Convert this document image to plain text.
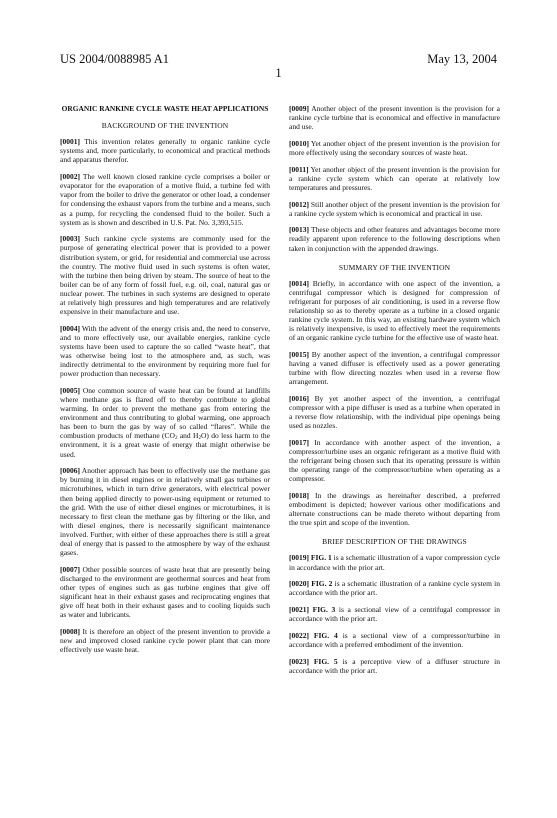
US 2004/0088985 A1	May 13, 2004
1
ORGANIC RANKINE CYCLE WASTE HEAT APPLICATIONS
BACKGROUND OF THE INVENTION

[0001] This invention relates generally to organic rankine cycle systems and, more particularly, to economical and practical methods and apparatus therefor.

[0002] The well known closed rankine cycle comprises a boiler or evaporator for the evaporation of a motive fluid, a turbine fed with vapor from the boiler to drive the generator or other load, a condenser for condensing the exhaust vapors from the turbine and a means, such as a pump, for recycling the condensed fluid to the boiler. Such a system as is shown and described in U.S. Pat. No. 3,393,515.

[0003] Such rankine cycle systems are commonly used for the purpose of generating electrical power that is provided to a power distribution system, or grid, for residential and commercial use across the country. The motive fluid used in such systems is often water, with the turbine then being driven by steam. The source of heat to the boiler can be of any form of fossil fuel, e.g. oil, coal, natural gas or nuclear power. The turbines in such systems are designed to operate at relatively high pressures and high temperatures and are relatively expensive in their manufacture and use.

[0004] With the advent of the energy crisis and, the need to conserve, and to more effectively use, our available energies, rankine cycle systems have been used to capture the so called “waste heat”, that was otherwise being lost to the atmosphere and, as such, was indirectly detrimental to the environment by requiring more fuel for power production than necessary.

[0005] One common source of waste heat can be found at landfills where methane gas is flared off to thereby contribute to global warming. In order to prevent the methane gas from entering the environment and thus contributing to global warming, one approach has been to burn the gas by way of so called “flares”. While the combustion products of methane ($CO_2$ and $H_2O$) do less harm to the environment, it is a great waste of energy that might otherwise be used.

[0006] Another approach has been to effectively use the methane gas by burning it in diesel engines or in relatively small gas turbines or microturbines, which in turn drive generators, with electrical power then being applied directly to power-using equipment or returned to the grid. With the use of either diesel engines or microturbines, it is necessary to first clean the methane gas by filtering or the like, and with diesel engines, there is necessarily significant maintenance involved. Further, with either of these approaches there is still a great deal of energy that is passed to the atmosphere by way of the exhaust gases.

[0007] Other possible sources of waste heat that are presently being discharged to the environment are geothermal sources and heat from other types of engines such as gas turbine engines that give off significant heat in their exhaust gases and reciprocating engines that give off heat both in their exhaust gases and to cooling liquids such as water and lubricants.

[0008] It is therefore an object of the present invention to provide a new and improved closed rankine cycle power plant that can more effectively use waste heat.

[0009] Another object of the present invention is the provision for a rankine cycle turbine that is economical and effective in manufacture and use.

[0010] Yet another object of the present invention is the provision for more effectively using the secondary sources of waste heat.

[0011] Yet another object of the present invention is the provision for a rankine cycle system which can operate at relatively low temperatures and pressures.

[0012] Still another object of the present invention is the provision for a rankine cycle system which is economical and practical in use.

[0013] These objects and other features and advantages become more readily apparent upon reference to the following descriptions when taken in conjunction with the appended drawings.

SUMMARY OF THE INVENTION

[0014] Briefly, in accordance with one aspect of the invention, a centrifugal compressor which is designed for compression of refrigerant for purposes of air conditioning, is used in a reverse flow relationship so as to thereby operate as a turbine in a closed organic rankine cycle system. In this way, an existing hardware system which is relatively inexpensive, is used to effectively meet the requirements of an organic rankine cycle turbine for the effective use of waste heat.

[0015] By another aspect of the invention, a centrifugal compressor having a vaned diffuser is effectively used as a power generating turbine with flow directing nozzles when used in a reverse flow arrangement.

[0016] By yet another aspect of the invention, a centrifugal compressor with a pipe diffuser is used as a turbine when operated in a reverse flow relationship, with the individual pipe openings being used as nozzles.

[0017] In accordance with another aspect of the invention, a compressor/turbine uses an organic refrigerant as a motive fluid with the refrigerant being chosen such that its operating pressure is within the operating range of the compressor/turbine when operating as a compressor.

[0018] In the drawings as hereinafter described, a preferred embodiment is depicted; however various other modifications and alternate constructions can be made thereto without departing from the true spirt and scope of the invention.

BRIEF DESCRIPTION OF THE DRAWINGS

[0019] FIG. 1 is a schematic illustration of a vapor compression cycle in accordance with the prior art.

[0020] FIG. 2 is a schematic illustration of a rankine cycle system in accordance with the prior art.

[0021] FIG. 3 is a sectional view of a centrifugal compressor in accordance with the prior art.

[0022] FIG. 4 is a sectional view of a compressor/turbine in accordance with a preferred embodiment of the invention.

[0023] FIG. 5 is a perceptive view of a diffuser structure in accordance with the prior art.
